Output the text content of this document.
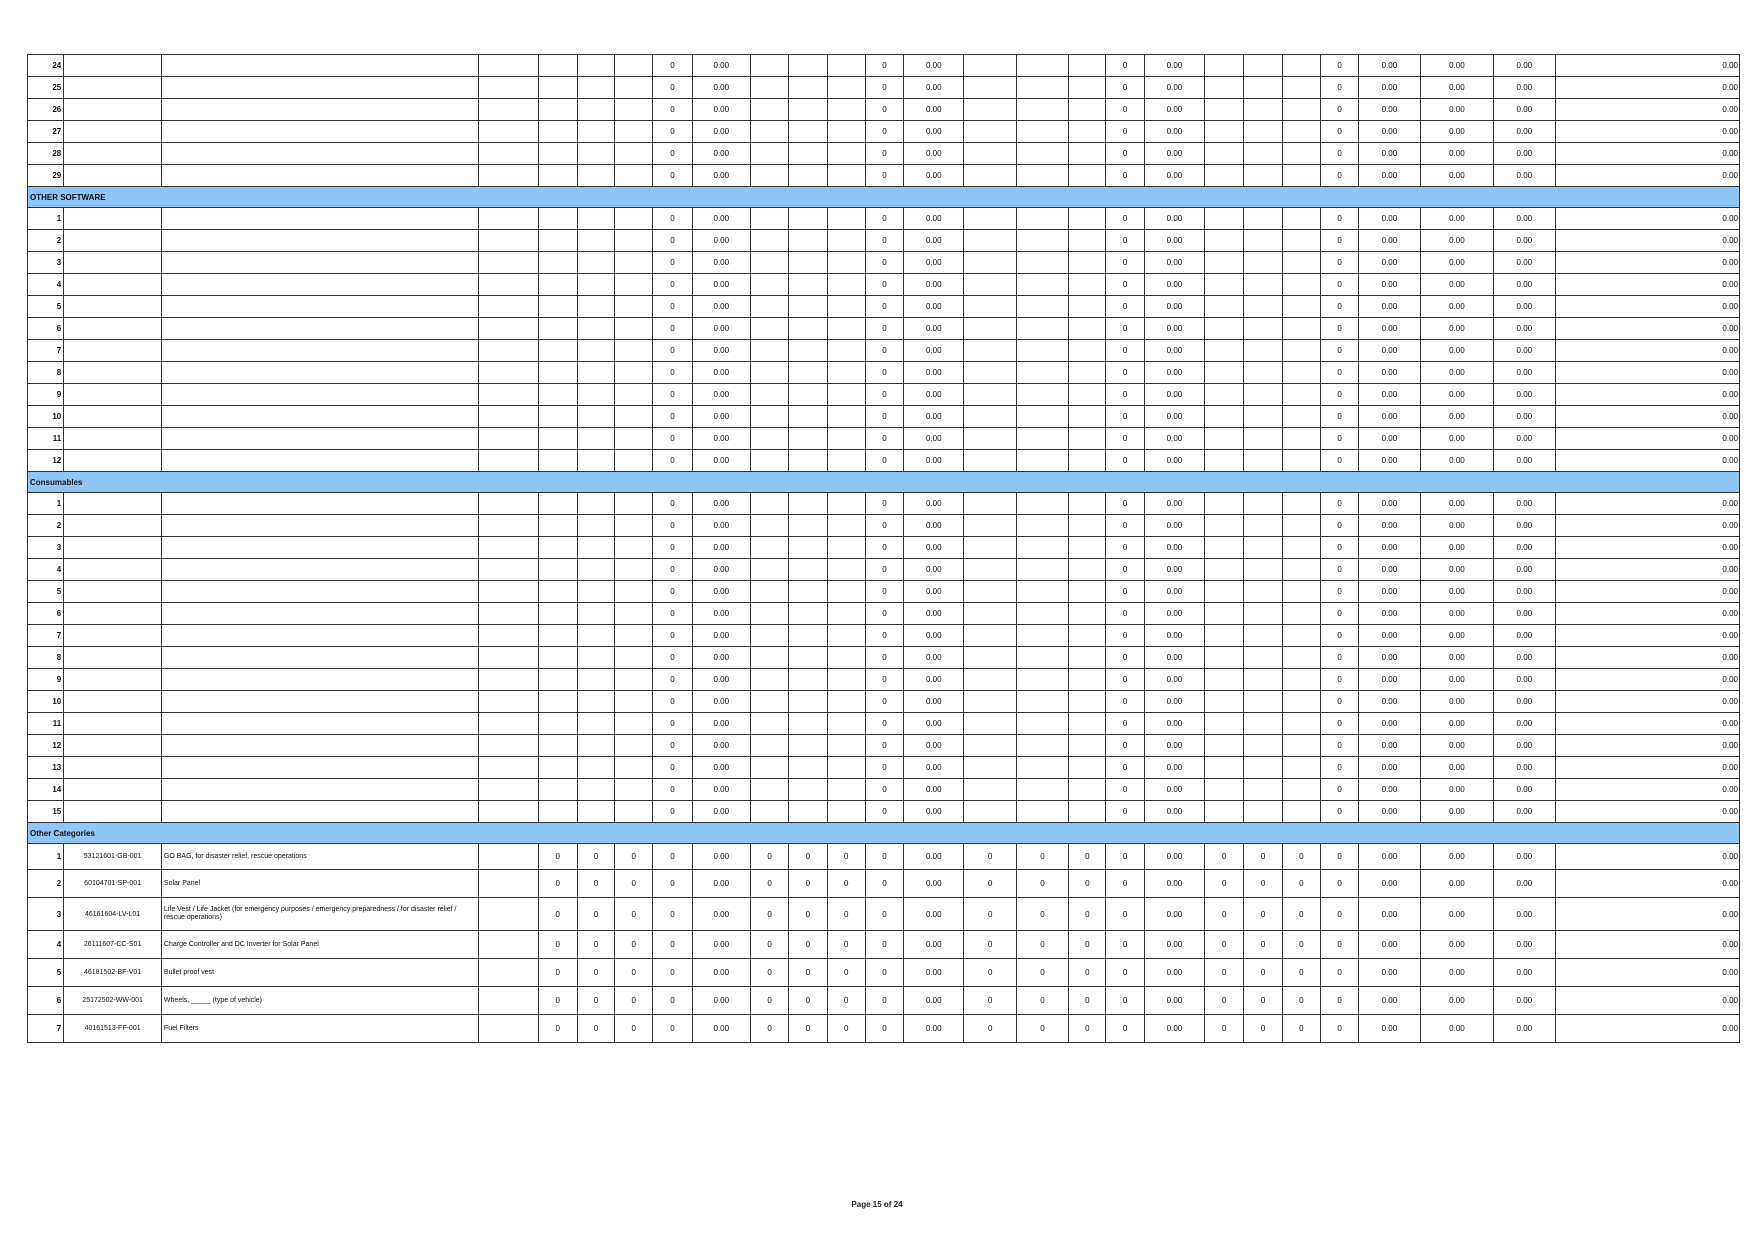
24							0	0.00				0	0.00				0	0.00				0	0.00	0.00	0.00	0.00
25							0	0.00				0	0.00				0	0.00				0	0.00	0.00	0.00	0.00
26							0	0.00				0	0.00				0	0.00				0	0.00	0.00	0.00	0.00
27							0	0.00				0	0.00				0	0.00				0	0.00	0.00	0.00	0.00
28							0	0.00				0	0.00				0	0.00				0	0.00	0.00	0.00	0.00
29							0	0.00				0	0.00				0	0.00				0	0.00	0.00	0.00	0.00
OTHER SOFTWARE																										
1							0	0.00				0	0.00				0	0.00				0	0.00	0.00	0.00	0.00
2							0	0.00				0	0.00				0	0.00				0	0.00	0.00	0.00	0.00
3							0	0.00				0	0.00				0	0.00				0	0.00	0.00	0.00	0.00
4							0	0.00				0	0.00				0	0.00				0	0.00	0.00	0.00	0.00
5							0	0.00				0	0.00				0	0.00				0	0.00	0.00	0.00	0.00
6							0	0.00				0	0.00				0	0.00				0	0.00	0.00	0.00	0.00
7							0	0.00				0	0.00				0	0.00				0	0.00	0.00	0.00	0.00
8							0	0.00				0	0.00				0	0.00				0	0.00	0.00	0.00	0.00
9							0	0.00				0	0.00				0	0.00				0	0.00	0.00	0.00	0.00
10							0	0.00				0	0.00				0	0.00				0	0.00	0.00	0.00	0.00
11							0	0.00				0	0.00				0	0.00				0	0.00	0.00	0.00	0.00
12							0	0.00				0	0.00				0	0.00				0	0.00	0.00	0.00	0.00
Consumables																										
1							0	0.00				0	0.00				0	0.00				0	0.00	0.00	0.00	0.00
2							0	0.00				0	0.00				0	0.00				0	0.00	0.00	0.00	0.00
3							0	0.00				0	0.00				0	0.00				0	0.00	0.00	0.00	0.00
4							0	0.00				0	0.00				0	0.00				0	0.00	0.00	0.00	0.00
5							0	0.00				0	0.00				0	0.00				0	0.00	0.00	0.00	0.00
6							0	0.00				0	0.00				0	0.00				0	0.00	0.00	0.00	0.00
7							0	0.00				0	0.00				0	0.00				0	0.00	0.00	0.00	0.00
8							0	0.00				0	0.00				0	0.00				0	0.00	0.00	0.00	0.00
9							0	0.00				0	0.00				0	0.00				0	0.00	0.00	0.00	0.00
10							0	0.00				0	0.00				0	0.00				0	0.00	0.00	0.00	0.00
11							0	0.00				0	0.00				0	0.00				0	0.00	0.00	0.00	0.00
12							0	0.00				0	0.00				0	0.00				0	0.00	0.00	0.00	0.00
13							0	0.00				0	0.00				0	0.00				0	0.00	0.00	0.00	0.00
14							0	0.00				0	0.00				0	0.00				0	0.00	0.00	0.00	0.00
15							0	0.00				0	0.00				0	0.00				0	0.00	0.00	0.00	0.00
Other Categories																										
1	53121601-GB-001	GO BAG, for disaster relief, rescue operations		0	0	0	0	0.00	0	0	0	0	0.00	0	0	0	0	0.00	0	0	0	0	0.00	0.00	0.00	0.00
2	60104701-SP-001	Solar Panel		0	0	0	0	0.00	0	0	0	0	0.00	0	0	0	0	0.00	0	0	0	0	0.00	0.00	0.00	0.00
3	46161604-LV-L01	Life Vest / Life Jacket (for emergency purposes / emergency preparedness / for disaster relief / rescue operations)		0	0	0	0	0.00	0	0	0	0	0.00	0	0	0	0	0.00	0	0	0	0	0.00	0.00	0.00	0.00
4	26111607-CC-S01	Charge Controller and DC Inverter for Solar Panel		0	0	0	0	0.00	0	0	0	0	0.00	0	0	0	0	0.00	0	0	0	0	0.00	0.00	0.00	0.00
5	46181502-BF-V01	Bullet proof vest		0	0	0	0	0.00	0	0	0	0	0.00	0	0	0	0	0.00	0	0	0	0	0.00	0.00	0.00	0.00
6	25172502-WW-001	Wheels, _____ (type of vehicle)		0	0	0	0	0.00	0	0	0	0	0.00	0	0	0	0	0.00	0	0	0	0	0.00	0.00	0.00	0.00
7	40161513-FF-001	Fuel Filters		0	0	0	0	0.00	0	0	0	0	0.00	0	0	0	0	0.00	0	0	0	0	0.00	0.00	0.00	0.00
Page 15 of 24
